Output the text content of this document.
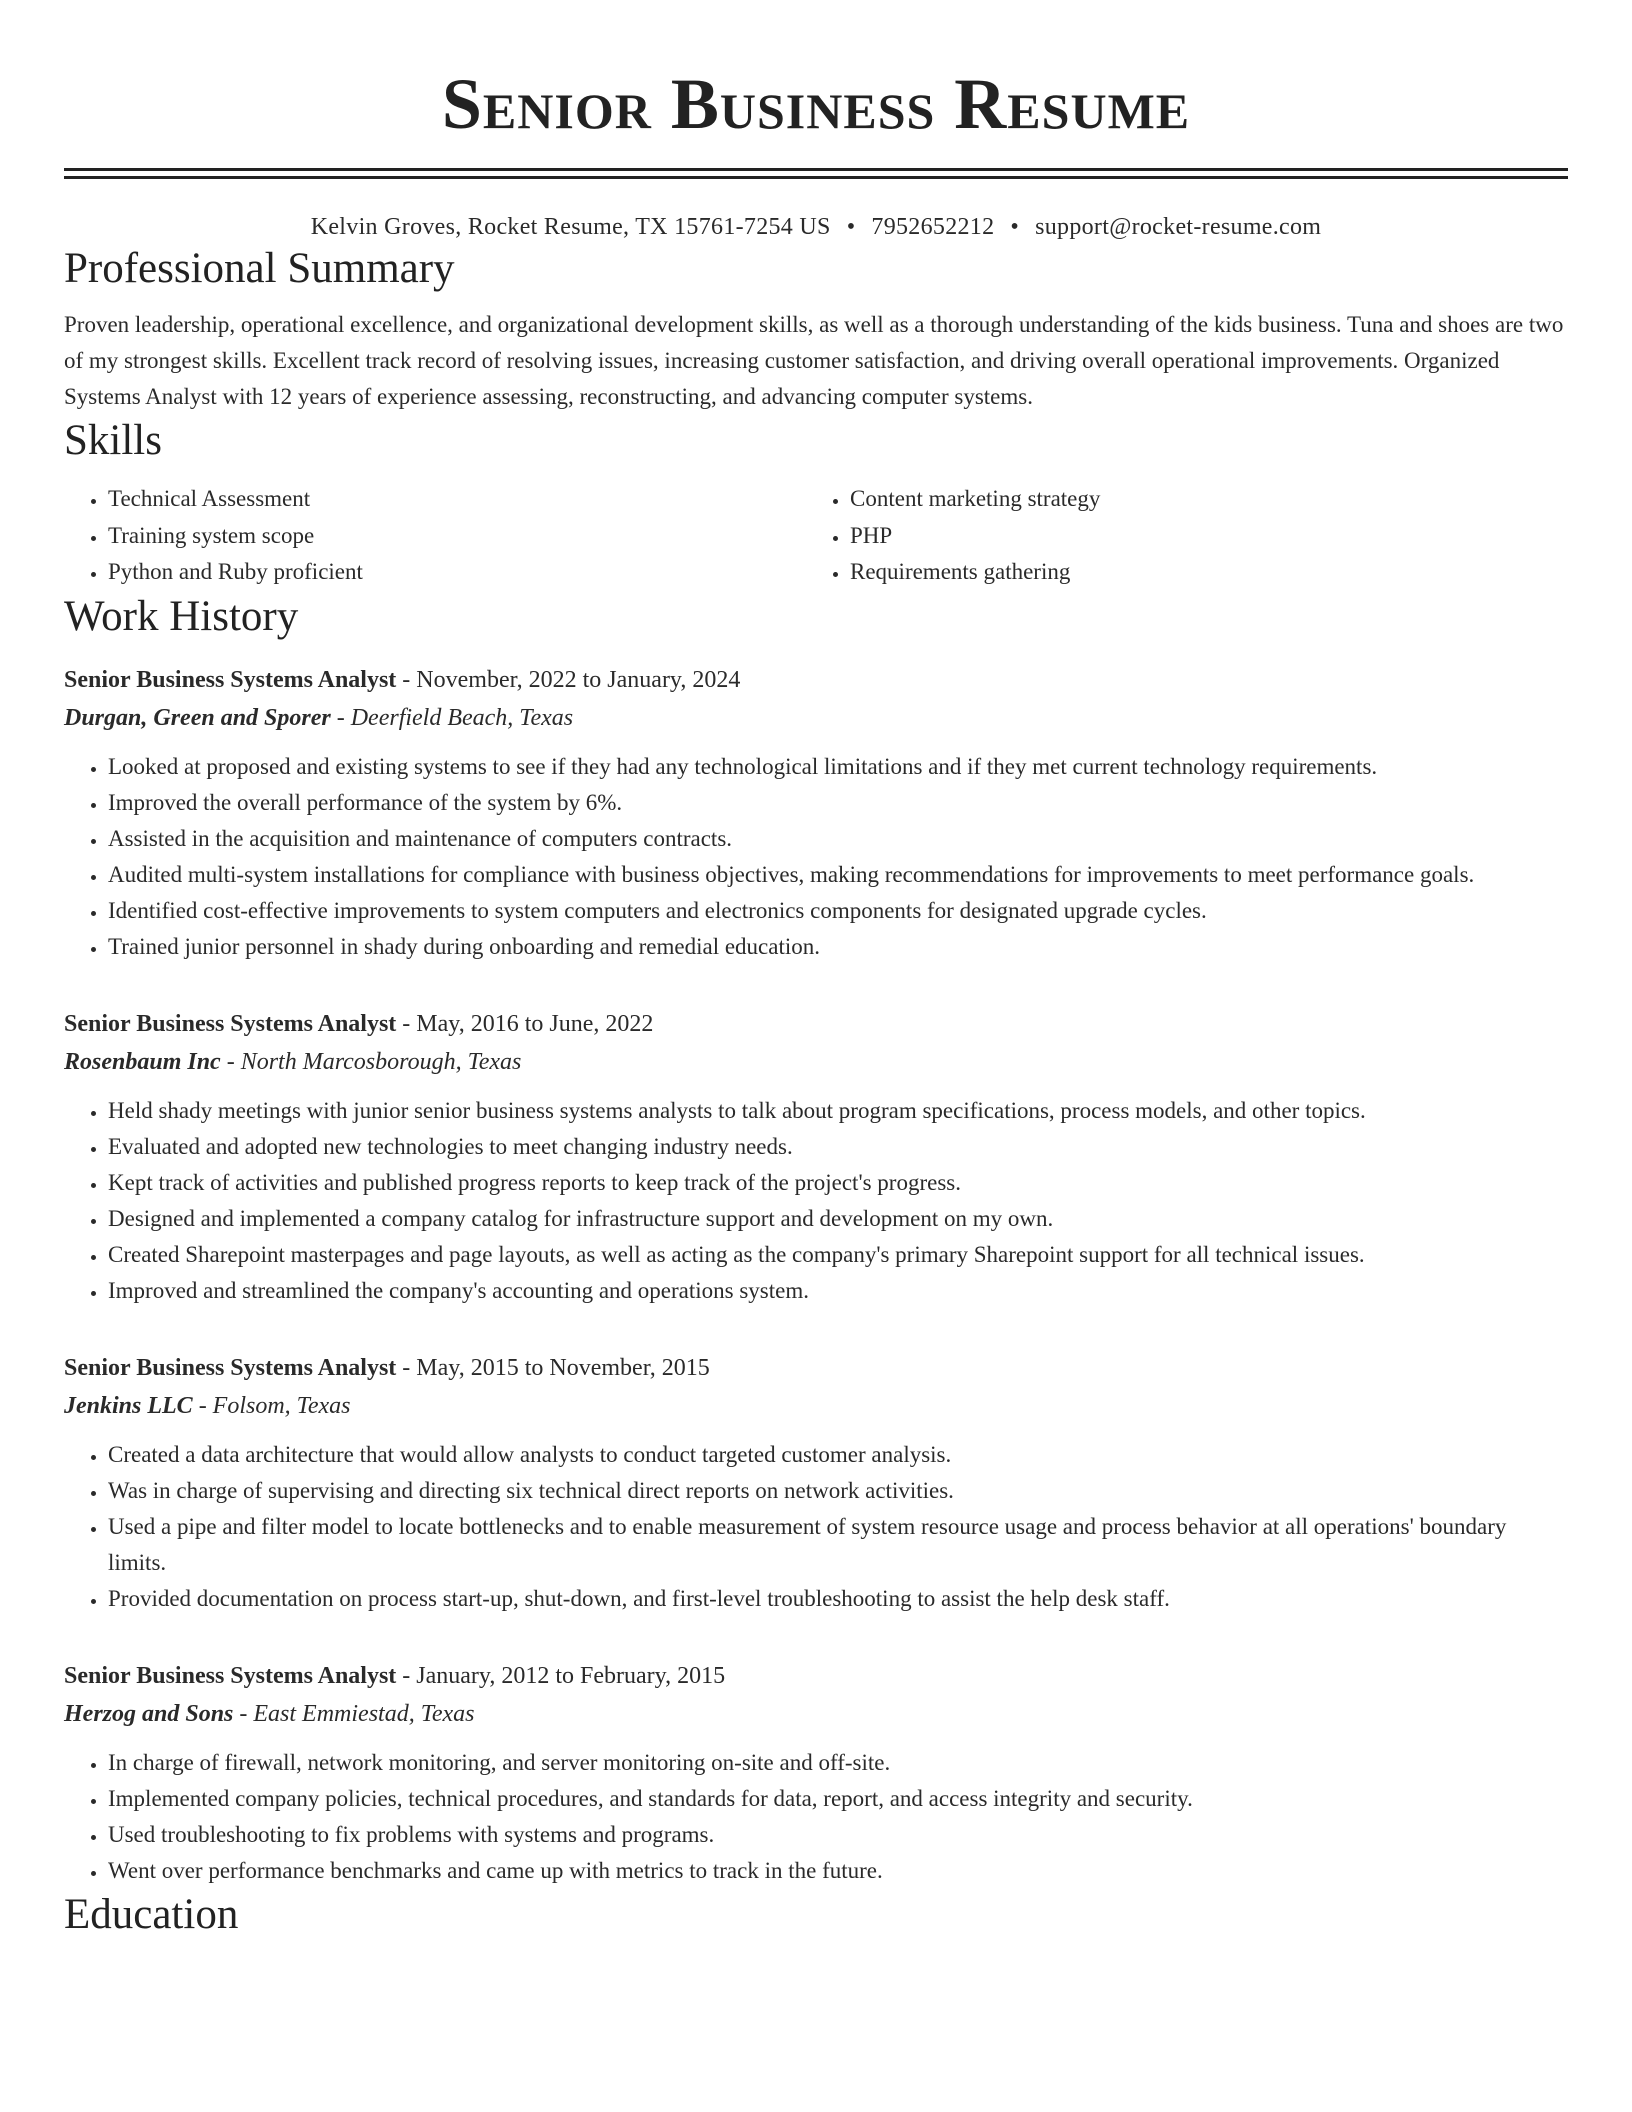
Senior Business Resume
Kelvin Groves, Rocket Resume, TX 15761-7254 US • 7952652212 • support@rocket-resume.com
Professional Summary

Proven leadership, operational excellence, and organizational development skills, as well as a thorough understanding of the kids business. Tuna and shoes are two of my strongest skills. Excellent track record of resolving issues, increasing customer satisfaction, and driving overall operational improvements. Organized Systems Analyst with 12 years of experience assessing, reconstructing, and advancing computer systems.

Skills
• Technical Assessment
• Training system scope
• Python and Ruby proficient
• Content marketing strategy
• PHP
• Requirements gathering
Work History
Senior Business Systems Analyst - November, 2022 to January, 2024
Durgan, Green and Sporer - Deerfield Beach, Texas
• Looked at proposed and existing systems to see if they had any technological limitations and if they met current technology requirements.
• Improved the overall performance of the system by 6%.
• Assisted in the acquisition and maintenance of computers contracts.
• Audited multi-system installations for compliance with business objectives, making recommendations for improvements to meet performance goals.
• Identified cost-effective improvements to system computers and electronics components for designated upgrade cycles.
• Trained junior personnel in shady during onboarding and remedial education.
Senior Business Systems Analyst - May, 2016 to June, 2022
Rosenbaum Inc - North Marcosborough, Texas
• Held shady meetings with junior senior business systems analysts to talk about program specifications, process models, and other topics.
• Evaluated and adopted new technologies to meet changing industry needs.
• Kept track of activities and published progress reports to keep track of the project's progress.
• Designed and implemented a company catalog for infrastructure support and development on my own.
• Created Sharepoint masterpages and page layouts, as well as acting as the company's primary Sharepoint support for all technical issues.
• Improved and streamlined the company's accounting and operations system.
Senior Business Systems Analyst - May, 2015 to November, 2015
Jenkins LLC - Folsom, Texas
• Created a data architecture that would allow analysts to conduct targeted customer analysis.
• Was in charge of supervising and directing six technical direct reports on network activities.
• Used a pipe and filter model to locate bottlenecks and to enable measurement of system resource usage and process behavior at all operations' boundary limits.
• Provided documentation on process start-up, shut-down, and first-level troubleshooting to assist the help desk staff.
Senior Business Systems Analyst - January, 2012 to February, 2015
Herzog and Sons - East Emmiestad, Texas
• In charge of firewall, network monitoring, and server monitoring on-site and off-site.
• Implemented company policies, technical procedures, and standards for data, report, and access integrity and security.
• Used troubleshooting to fix problems with systems and programs.
• Went over performance benchmarks and came up with metrics to track in the future.
Education
